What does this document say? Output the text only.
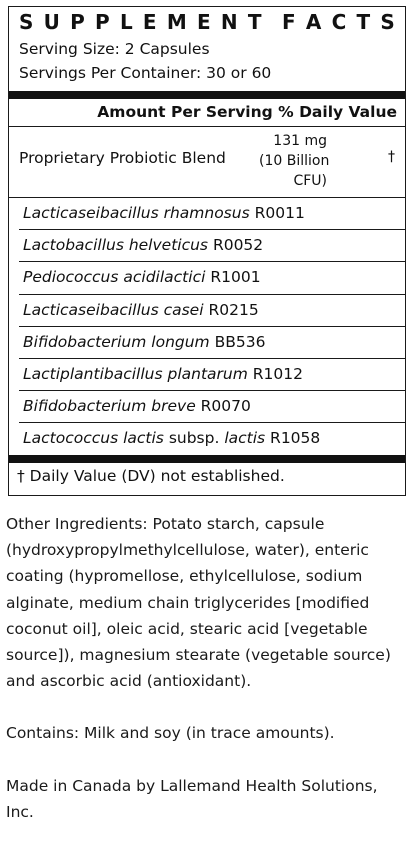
S U P P L E M E N T F A C T S
Serving Size: 2 Capsules
Servings Per Container: 30 or 60
Amount Per Serving % Daily Value
Proprietary Probiotic Blend
131 mg
(10 Billion
CFU)
†
Lacticaseibacillus rhamnosus R0011
Lactobacillus helveticus R0052
Pediococcus acidilactici R1001
Lacticaseibacillus casei R0215
Bifidobacterium longum BB536
Lactiplantibacillus plantarum R1012
Bifidobacterium breve R0070
Lactococcus lactis subsp. lactis R1058
† Daily Value (DV) not established.

Other Ingredients: Potato starch, capsule (hydroxypropylmethylcellulose, water), enteric coating (hypromellose, ethylcellulose, sodium alginate, medium chain triglycerides [modified coconut oil], oleic acid, stearic acid [vegetable source]), magnesium stearate (vegetable source) and ascorbic acid (antioxidant).

Contains: Milk and soy (in trace amounts).

Made in Canada by Lallemand Health Solutions, Inc.
